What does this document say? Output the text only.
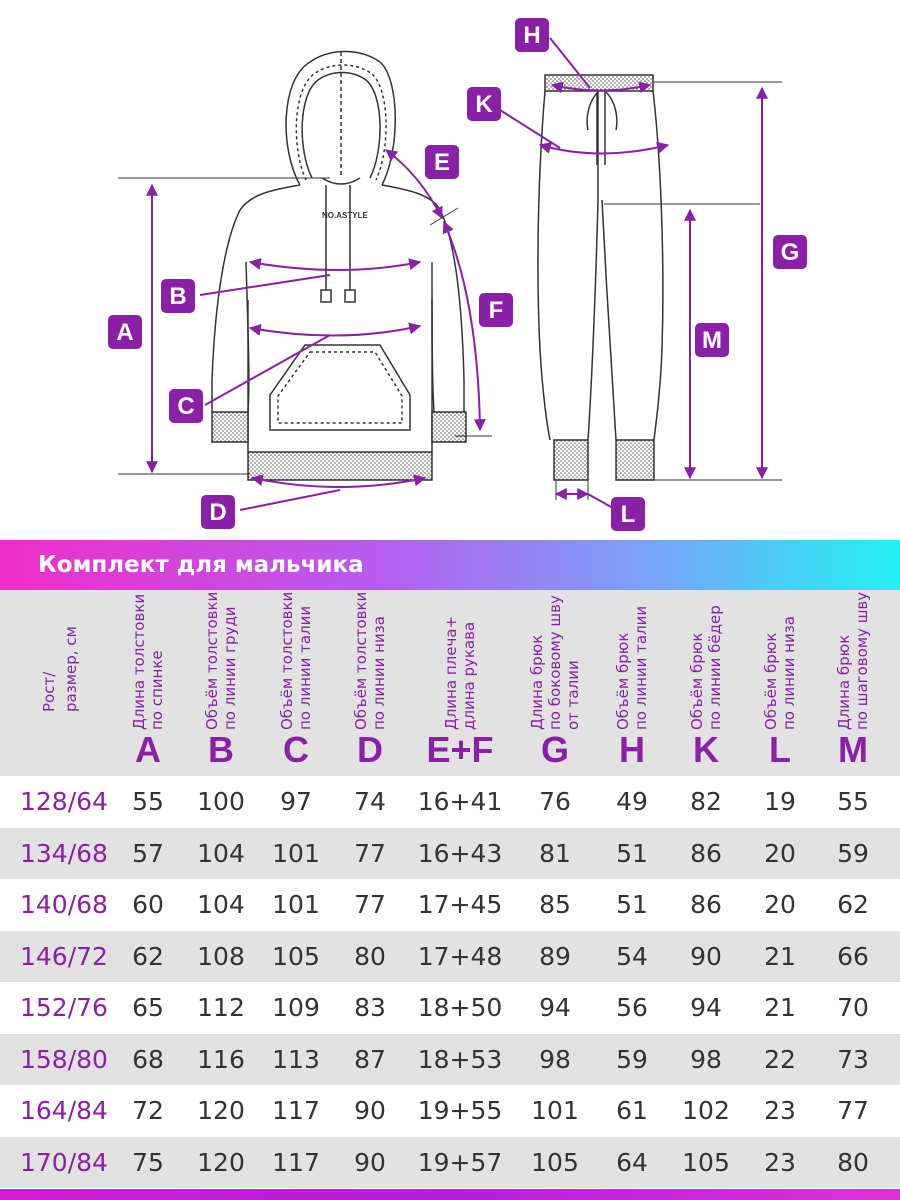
NO.ASTYLE
A
B
C
D
E
F
G
H
K
L
M
Комплект для мальчика
Рост/
размер, см
Длина толстовки
по спинке
A
Объём толстовки
по линии груди
B
Объём толстовки
по линии талии
C
Объём толстовки
по линии низа
D
Длина плеча+
длина рукава
E+F
Длина брюк
по боковому шву
от талии
G
Объём брюк
по линии талии
H
Объём брюк
по линии бёдер
K
Объём брюк
по линии низа
L
Длина брюк
по шаговому шву
M
128/64 55	100	97	74	16+41	76	49	82	19	55
134/68 57	104	101	77	16+43	81	51	86	20	59
140/68 60	104	101	77	17+45	85	51	86	20	62
146/72 62	108	105	80	17+48	89	54	90	21	66
152/76 65	112	109	83	18+50	94	56	94	21	70
158/80 68	116	113	87	18+53	98	59	98	22	73
164/84 72	120	117	90	19+55	101	61	102	23	77
170/84 75	120	117	90	19+57	105	64	105	23	80
